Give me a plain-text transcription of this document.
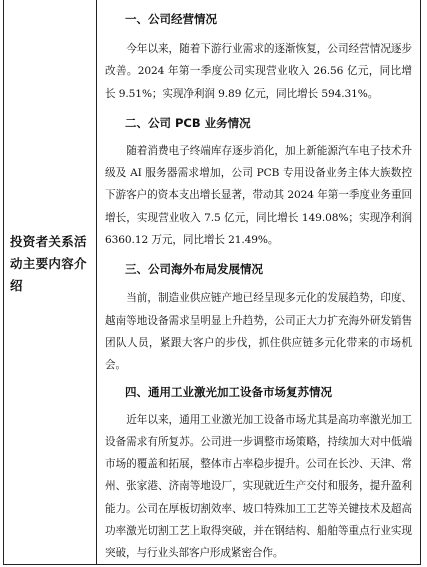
投资者关系活动主要内容介绍
一、公司经营情况

今年以来，随着下游行业需求的逐渐恢复，公司经营情况逐步改善。2024 年第一季度公司实现营业收入 26.56 亿元，同比增长 9.51%；实现净利润 9.89 亿元，同比增长 594.31%。

二、公司 PCB 业务情况

随着消费电子终端库存逐步消化，加上新能源汽车电子技术升级及 AI 服务器需求增加，公司 PCB 专用设备业务主体大族数控下游客户的资本支出增长显著，带动其 2024 年第一季度业务重回增长，实现营业收入 7.5 亿元，同比增长 149.08%；实现净利润 6360.12 万元，同比增长 21.49%。

三、公司海外布局发展情况

当前，制造业供应链产地已经呈现多元化的发展趋势，印度、越南等地设备需求呈明显上升趋势，公司正大力扩充海外研发销售团队人员，紧跟大客户的步伐，抓住供应链多元化带来的市场机会。

四、通用工业激光加工设备市场复苏情况

近年以来，通用工业激光加工设备市场尤其是高功率激光加工设备需求有所复苏。公司进一步调整市场策略，持续加大对中低端市场的覆盖和拓展，整体市占率稳步提升。公司在长沙、天津、常州、张家港、济南等地设厂，实现就近生产交付和服务，提升盈利能力。公司在厚板切割效率、坡口特殊加工工艺等关键技术及超高功率激光切割工艺上取得突破，并在钢结构、船舶等重点行业实现突破，与行业头部客户形成紧密合作。
